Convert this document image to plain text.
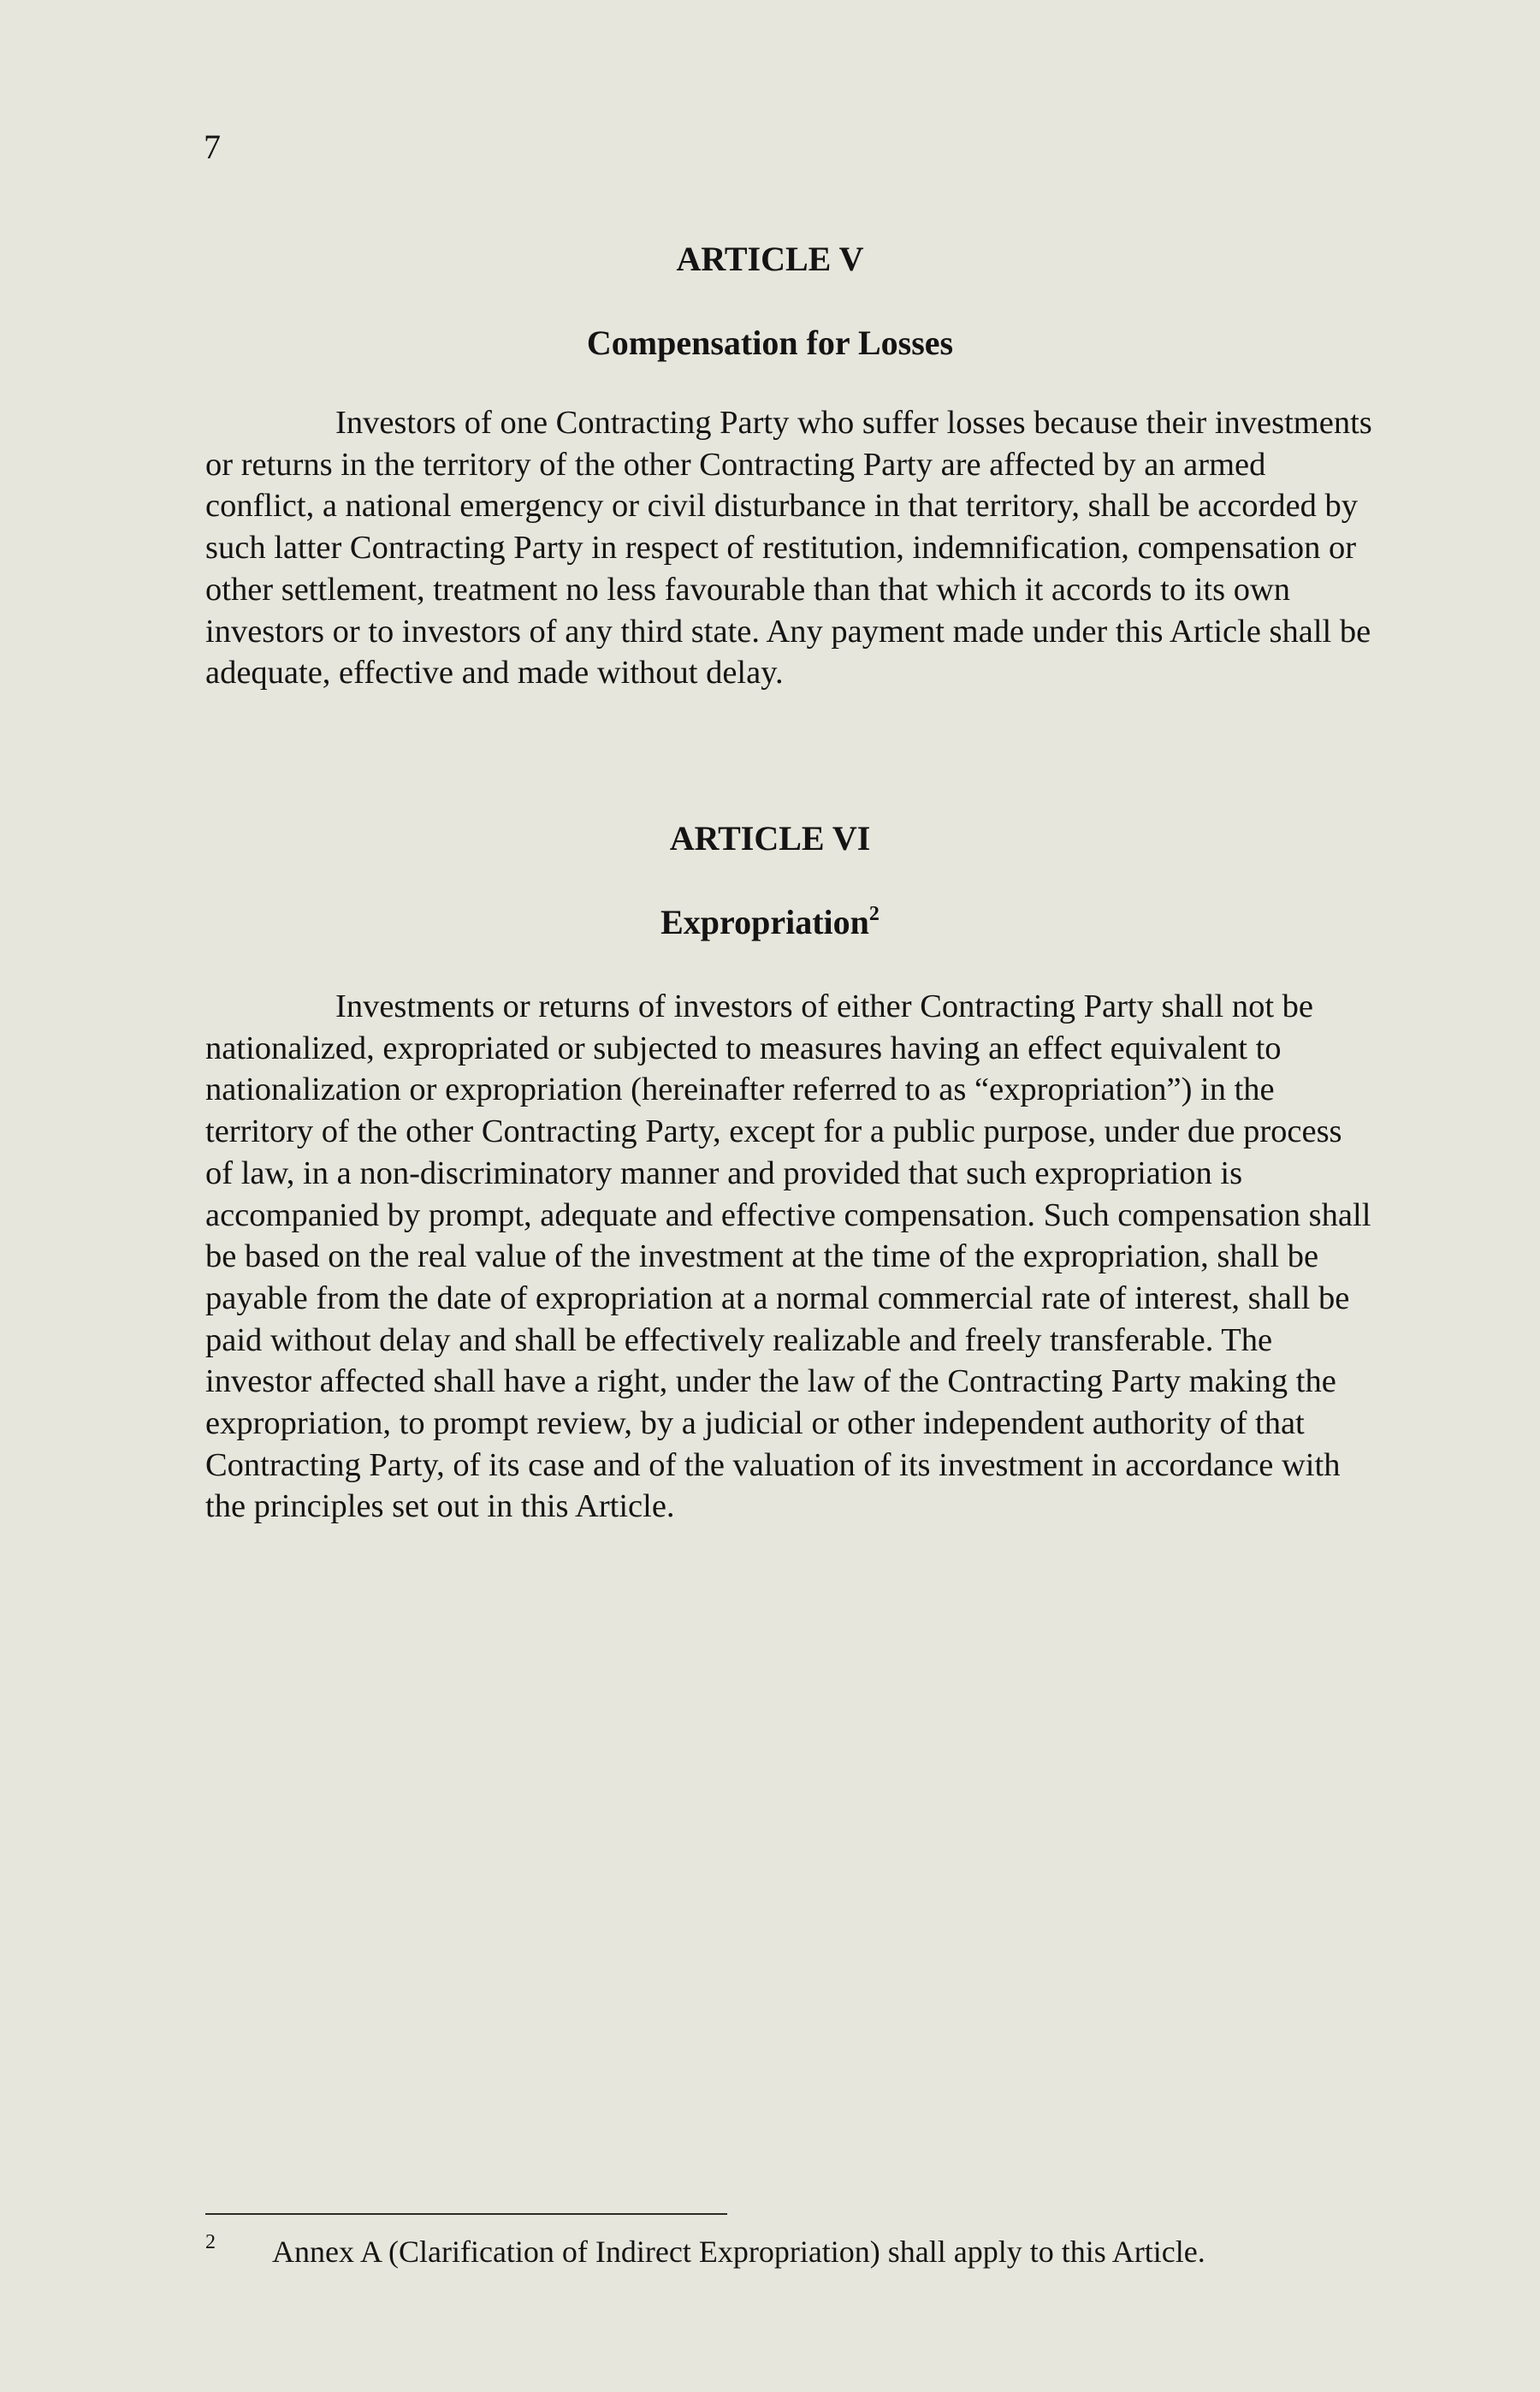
7
ARTICLE V
Compensation for Losses

Investors of one Contracting Party who suffer losses because their investments or returns in the territory of the other Contracting Party are affected by an armed conflict, a national emergency or civil disturbance in that territory, shall be accorded by such latter Contracting Party in respect of restitution, indemnification, compensation or other settlement, treatment no less favourable than that which it accords to its own investors or to investors of any third state. Any payment made under this Article shall be adequate, effective and made without delay.

ARTICLE VI
Expropriation$^2$

Investments or returns of investors of either Contracting Party shall not be nationalized, expropriated or subjected to measures having an effect equivalent to nationalization or expropriation (hereinafter referred to as “expropriation”) in the territory of the other Contracting Party, except for a public purpose, under due process of law, in a non-discriminatory manner and provided that such expropriation is accompanied by prompt, adequate and effective compensation. Such compensation shall be based on the real value of the investment at the time of the expropriation, shall be payable from the date of expropriation at a normal commercial rate of interest, shall be paid without delay and shall be effectively realizable and freely transferable. The investor affected shall have a right, under the law of the Contracting Party making the expropriation, to prompt review, by a judicial or other independent authority of that Contracting Party, of its case and of the valuation of its investment in accordance with the principles set out in this Article.

2 Annex A (Clarification of Indirect Expropriation) shall apply to this Article.
